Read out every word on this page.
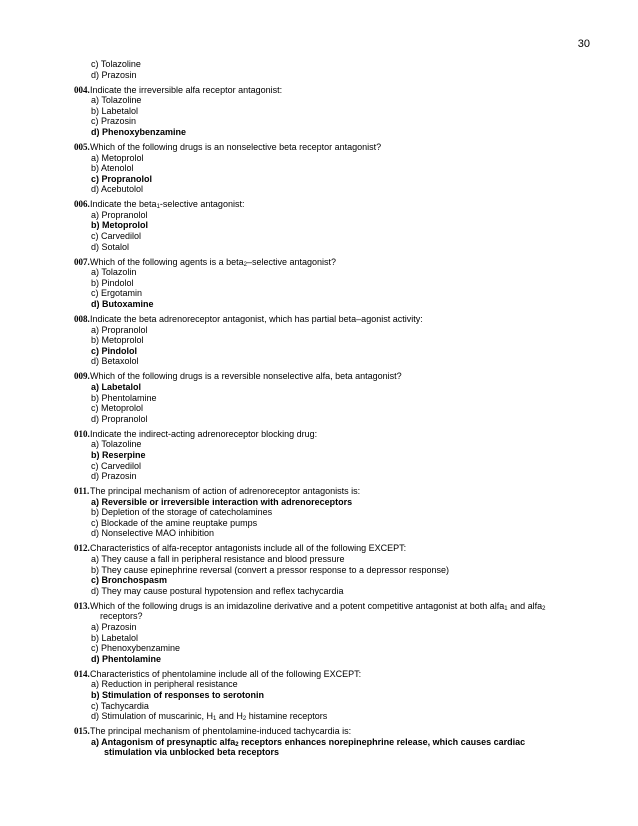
30
c) Tolazoline
d) Prazosin
004. Indicate the irreversible alfa receptor antagonist:
a) Tolazoline
b) Labetalol
c) Prazosin
d) Phenoxybenzamine
005. Which of the following drugs is an nonselective beta receptor antagonist?
a) Metoprolol
b) Atenolol
c) Propranolol
d) Acebutolol
006. Indicate the beta$_1$-selective antagonist:
a) Propranolol
b) Metoprolol
c) Carvedilol
d) Sotalol
007. Which of the following agents is a beta$_2$–selective antagonist?
a) Tolazolin
b) Pindolol
c) Ergotamin
d) Butoxamine
008. Indicate the beta adrenoreceptor antagonist, which has partial beta–agonist activity:
a) Propranolol
b) Metoprolol
c) Pindolol
d) Betaxolol
009. Which of the following drugs is a reversible nonselective alfa, beta antagonist?
a) Labetalol
b) Phentolamine
c) Metoprolol
d) Propranolol
010. Indicate the indirect-acting adrenoreceptor blocking drug:
a) Tolazoline
b) Reserpine
c) Carvedilol
d) Prazosin
011. The principal mechanism of action of adrenoreceptor antagonists is:
a) Reversible or irreversible interaction with adrenoreceptors
b) Depletion of the storage of catecholamines
c) Blockade of the amine reuptake pumps
d) Nonselective MAO inhibition
012. Characteristics of alfa-receptor antagonists include all of the following EXCEPT:
a) They cause a fall in peripheral resistance and blood pressure
b) They cause epinephrine reversal (convert a pressor response to a depressor response)
c) Bronchospasm
d) They may cause postural hypotension and reflex tachycardia
013. Which of the following drugs is an imidazoline derivative and a potent competitive antagonist at both alfa$_1$ and alfa$_2$
receptors?
a) Prazosin
b) Labetalol
c) Phenoxybenzamine
d) Phentolamine
014. Characteristics of phentolamine include all of the following EXCEPT:
a) Reduction in peripheral resistance
b) Stimulation of responses to serotonin
c) Tachycardia
d) Stimulation of muscarinic, $H_1$ and $H_2$ histamine receptors
015. The principal mechanism of phentolamine-induced tachycardia is:
a) Antagonism of presynaptic alfa$_2$ receptors enhances norepinephrine release, which causes cardiac
stimulation via unblocked beta receptors
